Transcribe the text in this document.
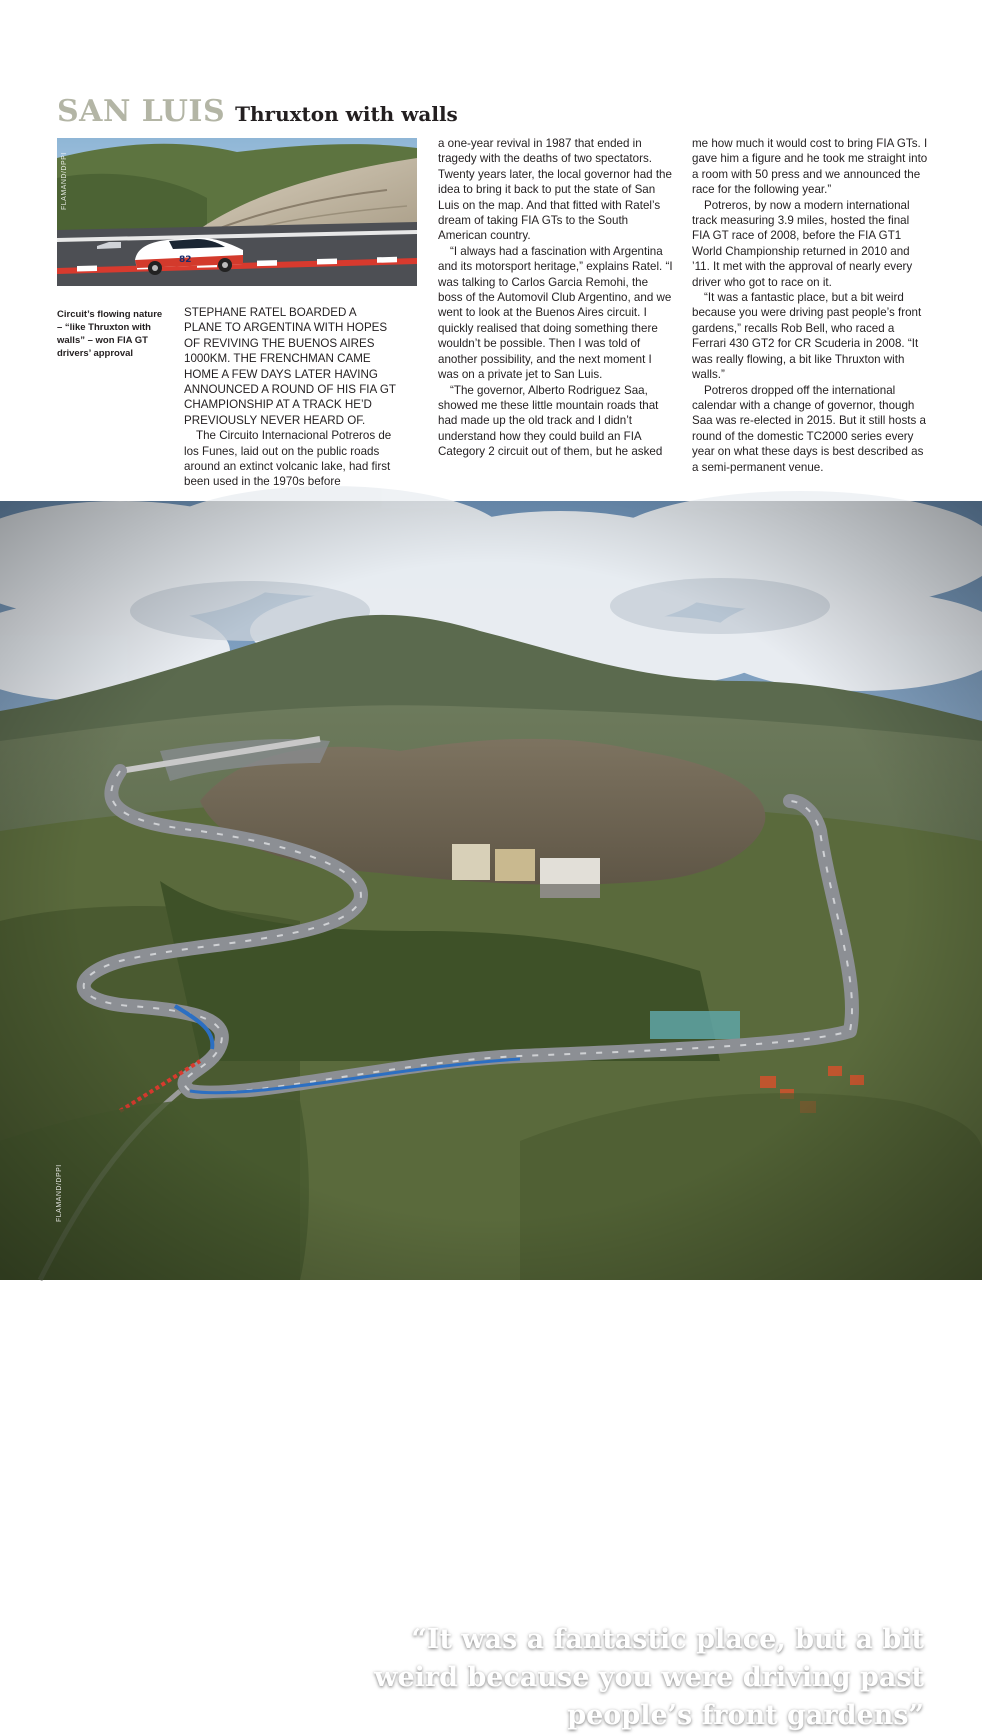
SAN LUIS Thruxton with walls
82
FLAMAND/DPPI
Circuit’s flowing nature – “like Thruxton with walls” – won FIA GT drivers’ approval

STEPHANE RATEL BOARDED A PLANE TO ARGENTINA WITH HOPES OF REVIVING THE BUENOS AIRES 1000KM. THE FRENCHMAN CAME HOME A FEW DAYS LATER HAVING ANNOUNCED A ROUND OF HIS FIA GT CHAMPIONSHIP AT A TRACK HE’D PREVIOUSLY NEVER HEARD OF.

The Circuito Internacional Potreros de los Funes, laid out on the public roads around an extinct volcanic lake, had first been used in the 1970s before

a one-year revival in 1987 that ended in tragedy with the deaths of two spectators. Twenty years later, the local governor had the idea to bring it back to put the state of San Luis on the map. And that fitted with Ratel’s dream of taking FIA GTs to the South American country.

“I always had a fascination with Argentina and its motorsport heritage,” explains Ratel. “I was talking to Carlos Garcia Remohi, the boss of the Automovil Club Argentino, and we went to look at the Buenos Aires circuit. I quickly realised that doing something there wouldn’t be possible. Then I was told of another possibility, and the next moment I was on a private jet to San Luis.

“The governor, Alberto Rodriguez Saa, showed me these little mountain roads that had made up the old track and I didn’t understand how they could build an FIA Category 2 circuit out of them, but he asked

me how much it would cost to bring FIA GTs. I gave him a figure and he took me straight into a room with 50 press and we announced the race for the following year.”

Potreros, by now a modern international track measuring 3.9 miles, hosted the final FIA GT race of 2008, before the FIA GT1 World Championship returned in 2010 and ’11. It met with the approval of nearly every driver who got to race on it.

“It was a fantastic place, but a bit weird because you were driving past people’s front gardens,” recalls Rob Bell, who raced a Ferrari 430 GT2 for CR Scuderia in 2008. “It was really flowing, a bit like Thruxton with walls.”

Potreros dropped off the international calendar with a change of governor, though Saa was re-elected in 2015. But it still hosts a round of the domestic TC2000 series every year on what these days is best described as a semi-permanent venue.

“It was a fantastic place, but a bit weird because you were driving past people’s front gardens”

FLAMAND/DPPI
